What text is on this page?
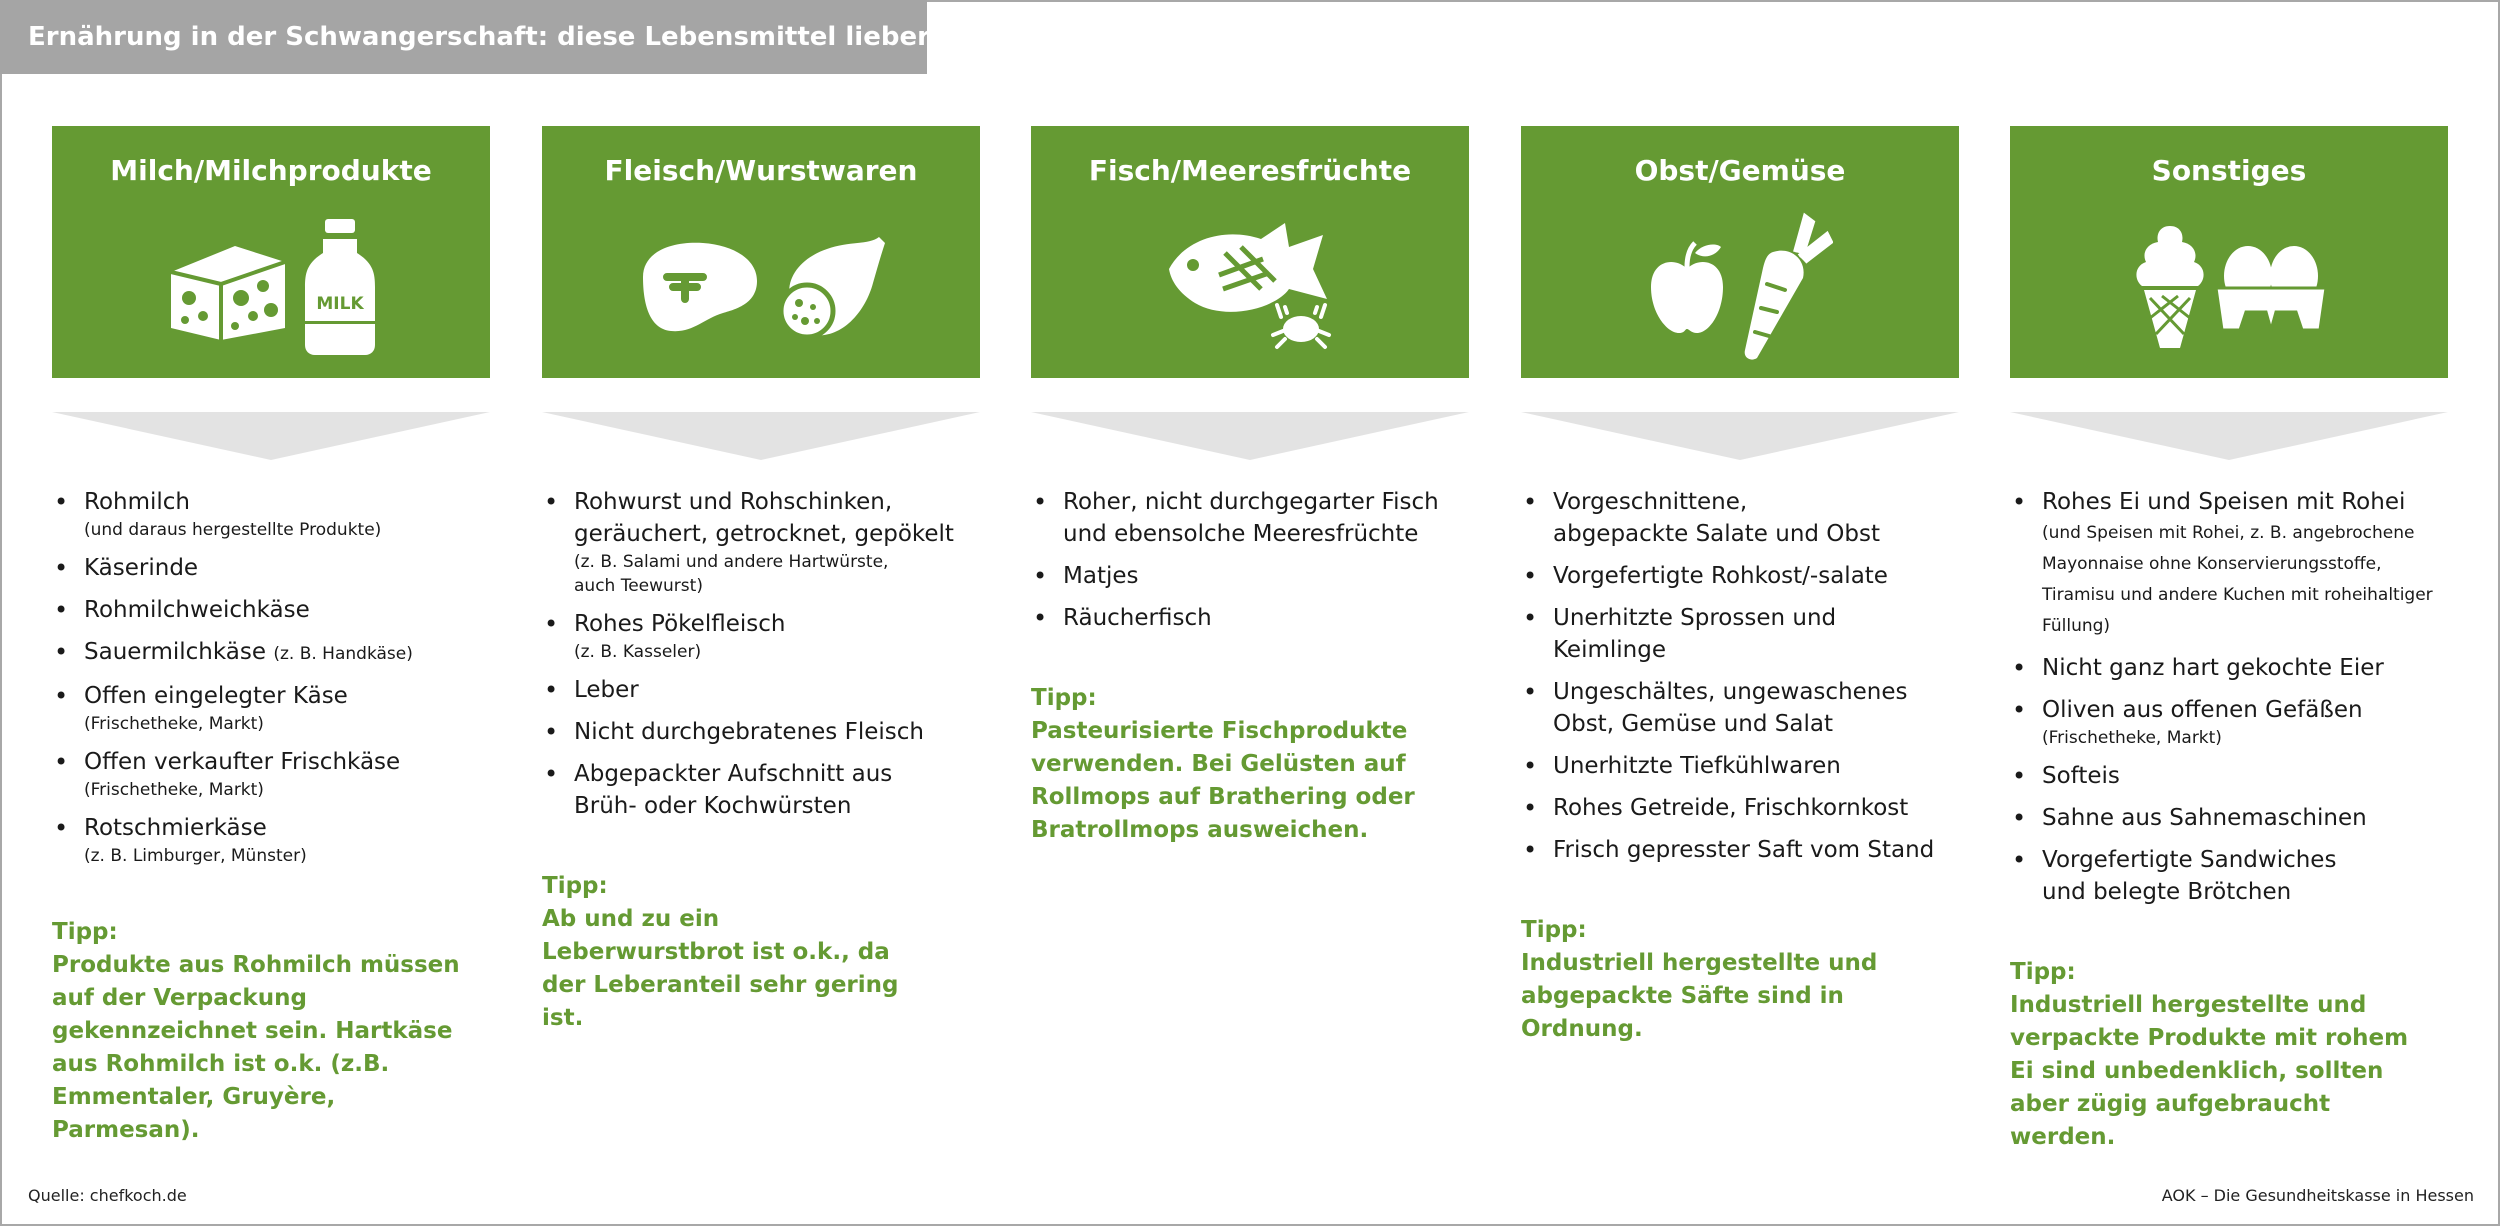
Ernährung in der Schwangerschaft: diese Lebensmittel lieber nicht
Milch/Milchprodukte
MILK
• Rohmilch
(und daraus hergestellte Produkte)
• Käserinde
• Rohmilchweichkäse
• Sauermilchkäse (z. B. Handkäse)
• Offen eingelegter Käse
(Frischetheke, Markt)
• Offen verkaufter Frischkäse
(Frischetheke, Markt)
• Rotschmierkäse
(z. B. Limburger, Münster)
Tipp:
Produkte aus Rohmilch müssen auf der Verpackung gekennzeichnet sein. Hartkäse aus Rohmilch ist o.k. (z.B. Emmentaler, Gruyère, Parmesan).
Fleisch/Wurstwaren
• Rohwurst und Rohschinken, geräuchert, getrocknet, gepökelt
(z. B. Salami und andere Hartwürste, auch Teewurst)
• Rohes Pökelfleisch
(z. B. Kasseler)
• Leber
• Nicht durchgebratenes Fleisch
• Abgepackter Aufschnitt aus Brüh- oder Kochwürsten
Tipp:
Ab und zu ein Leberwurstbrot ist o.k., da der Leberanteil sehr gering ist.
Fisch/Meeresfrüchte
• Roher, nicht durchgegarter Fisch und ebensolche Meeresfrüchte
• Matjes
• Räucherfisch
Tipp:
Pasteurisierte Fischprodukte verwenden. Bei Gelüsten auf Rollmops auf Brathering oder Bratrollmops ausweichen.
Obst/Gemüse
• Vorgeschnittene, abgepackte Salate und Obst
• Vorgefertigte Rohkost/-salate
• Unerhitzte Sprossen und Keimlinge
• Ungeschältes, ungewaschenes Obst, Gemüse und Salat
• Unerhitzte Tiefkühlwaren
• Rohes Getreide, Frischkornkost
• Frisch gepresster Saft vom Stand
Tipp:
Industriell hergestellte und abgepackte Säfte sind in Ordnung.
Sonstiges
• Rohes Ei und Speisen mit Rohei
(und Speisen mit Rohei, z. B. angebrochene Mayonnaise ohne Konservierungsstoffe, Tiramisu und andere Kuchen mit roheihaltiger Füllung)
• Nicht ganz hart gekochte Eier
• Oliven aus offenen Gefäßen
(Frischetheke, Markt)
• Softeis
• Sahne aus Sahnemaschinen
• Vorgefertigte Sandwiches und belegte Brötchen
Tipp:
Industriell hergestellte und verpackte Produkte mit rohem Ei sind unbedenklich, sollten aber zügig aufgebraucht werden.
Quelle: chefkoch.de	AOK – Die Gesundheitskasse in Hessen
